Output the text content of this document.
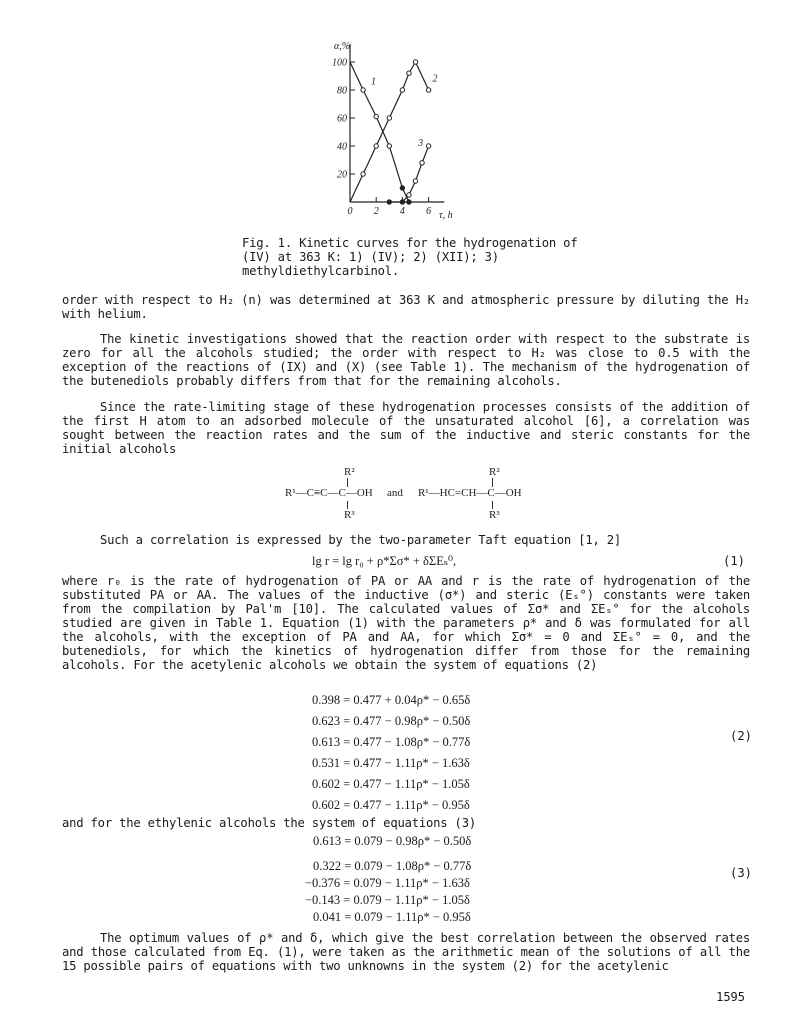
20
40
60
80
100
0 2 4 6
1	2
3
α,%
τ, h
Fig. 1. Kinetic curves for the hydrogenation of (IV) at 363 K: 1) (IV); 2) (XII); 3) methyldiethylcarbinol.
order with respect to H₂ (n) was determined at 363 K and atmospheric pressure by diluting the H₂ with helium.
The kinetic investigations showed that the reaction order with respect to the substrate is zero for all the alcohols studied; the order with respect to H₂ was close to 0.5 with the exception of the reactions of (IX) and (X) (see Table 1). The mechanism of the hydrogenation of the butenediols probably differs from that for the remaining alcohols.
Since the rate-limiting stage of these hydrogenation processes consists of the addition of the first H atom to an adsorbed molecule of the unsaturated alcohol [6], a correlation was sought between the reaction rates and the sum of the inductive and steric constants for the initial alcohols
R²
R¹—C≡C—C—OH
R³
and
R²
R¹—HC=CH—C—OH
R³
Such a correlation is expressed by the two-parameter Taft equation [1, 2]
lg r = lg r₀ + ρ*Σσ* + δΣEₛ⁰,	(1)
where r₀ is the rate of hydrogenation of PA or AA and r is the rate of hydrogenation of the substituted PA or AA. The values of the inductive (σ*) and steric (Eₛ°) constants were taken from the compilation by Pal'm [10]. The calculated values of Σσ* and ΣEₛ° for the alcohols studied are given in Table 1. Equation (1) with the parameters ρ* and δ was formulated for all the alcohols, with the exception of PA and AA, for which Σσ* = 0 and ΣEₛ° = 0, and the butenediols, for which the kinetics of hydrogenation differ from those for the remaining alcohols. For the acetylenic alcohols we obtain the system of equations (2)
0.398 = 0.477 + 0.04ρ* − 0.65δ
0.623 = 0.477 − 0.98ρ* − 0.50δ
0.613 = 0.477 − 1.08ρ* − 0.77δ
0.531 = 0.477 − 1.11ρ* − 1.63δ
0.602 = 0.477 − 1.11ρ* − 1.05δ
0.602 = 0.477 − 1.11ρ* − 0.95δ
(2)
and for the ethylenic alcohols the system of equations (3)
0.613 = 0.079 − 0.98ρ* − 0.50δ
0.322 = 0.079 − 1.08ρ* − 0.77δ
−0.376 = 0.079 − 1.11ρ* − 1.63δ
−0.143 = 0.079 − 1.11ρ* − 1.05δ
0.041 = 0.079 − 1.11ρ* − 0.95δ
(3)
The optimum values of ρ* and δ, which give the best correlation between the observed rates and those calculated from Eq. (1), were taken as the arithmetic mean of the solutions of all the 15 possible pairs of equations with two unknowns in the system (2) for the acetylenic
1595
